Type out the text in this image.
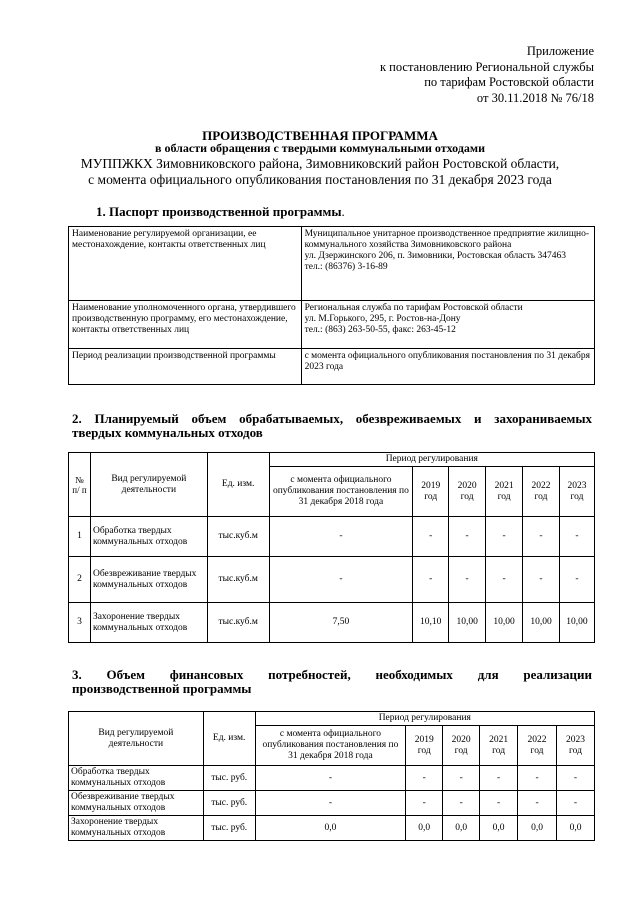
Приложение
к постановлению Региональной службы
по тарифам Ростовской области
от 30.11.2018 № 76/18
ПРОИЗВОДСТВЕННАЯ ПРОГРАММА
в области обращения с твердыми коммунальными отходами
МУППЖКХ Зимовниковского района, Зимовниковский район Ростовской области,
с момента официального опубликования постановления по 31 декабря 2023 года
1. Паспорт производственной программы.
Наименование регулируемой организации, ее местонахождение, контакты ответственных лиц	Муниципальное унитарное производственное предприятие жилищно-коммунального хозяйства Зимовниковского района
ул. Дзержинского 206, п. Зимовники, Ростовская область 347463
тел.: (86376) 3-16-89

Наименование уполномоченного органа, утвердившего производственную программу, его местонахождение, контакты ответственных лиц	Региональная служба по тарифам Ростовской области
ул. М.Горького, 295, г. Ростов-на-Дону
тел.: (863) 263-50-55, факс: 263-45-12

Период реализации производственной программы	с момента официального опубликования постановления по 31 декабря 2023 года
2. Планируемый объем обрабатываемых, обезвреживаемых и захораниваемых
твердых коммунальных отходов
№ п/ п	Вид регулируемой деятельности	Ед. изм.	Период регулирования					
			с момента официального опубликования постановления по 31 декабря 2018 года	2019 год	2020 год	2021 год	2022 год	2023 год
1	Обработка твердых коммунальных отходов	тыс.куб.м	-	-	-	-	-	-
2	Обезвреживание твердых коммунальных отходов	тыс.куб.м	-	-	-	-	-	-
3	Захоронение твердых коммунальных отходов	тыс.куб.м	7,50	10,10	10,00	10,00	10,00	10,00
3. Объем финансовых потребностей, необходимых для реализации
производственной программы
Вид регулируемой деятельности	Ед. изм.	Период регулирования					
		с момента официального опубликования постановления по 31 декабря 2018 года	2019 год	2020 год	2021 год	2022 год	2023 год
Обработка твердых коммунальных отходов	тыс. руб.	-	-	-	-	-	-
Обезвреживание твердых коммунальных отходов	тыс. руб.	-	-	-	-	-	-
Захоронение твердых коммунальных отходов	тыс. руб.	0,0	0,0	0,0	0,0	0,0	0,0
